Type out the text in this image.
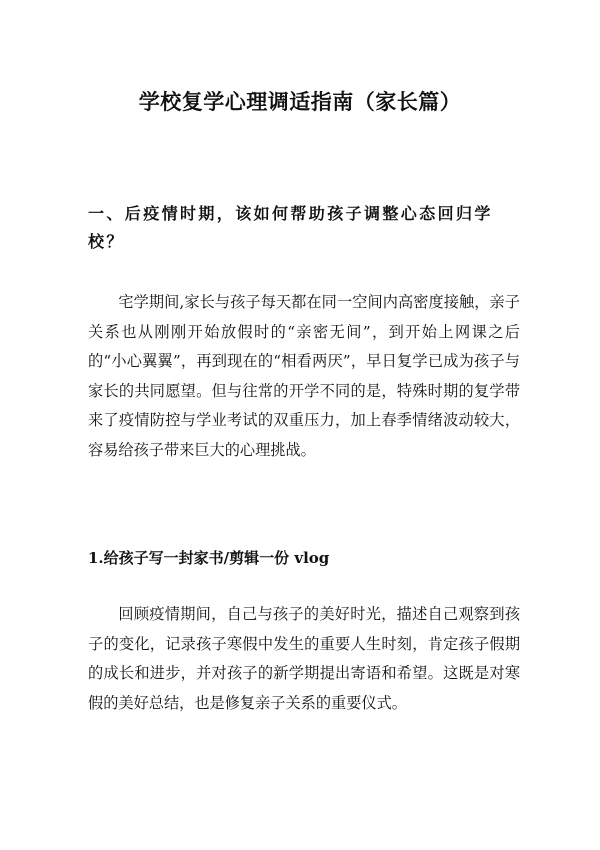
学校复学心理调适指南（家长篇）
一、后疫情时期，该如何帮助孩子调整心态回归学校？

宅学期间,家长与孩子每天都在同一空间内高密度接触，亲子关系也从刚刚开始放假时的“亲密无间”，到开始上网课之后的“小心翼翼”，再到现在的“相看两厌”，早日复学已成为孩子与家长的共同愿望。但与往常的开学不同的是，特殊时期的复学带来了疫情防控与学业考试的双重压力，加上春季情绪波动较大，容易给孩子带来巨大的心理挑战。

1.给孩子写一封家书/剪辑一份 vlog

回顾疫情期间，自己与孩子的美好时光，描述自己观察到孩子的变化，记录孩子寒假中发生的重要人生时刻，肯定孩子假期的成长和进步，并对孩子的新学期提出寄语和希望。这既是对寒假的美好总结，也是修复亲子关系的重要仪式。
